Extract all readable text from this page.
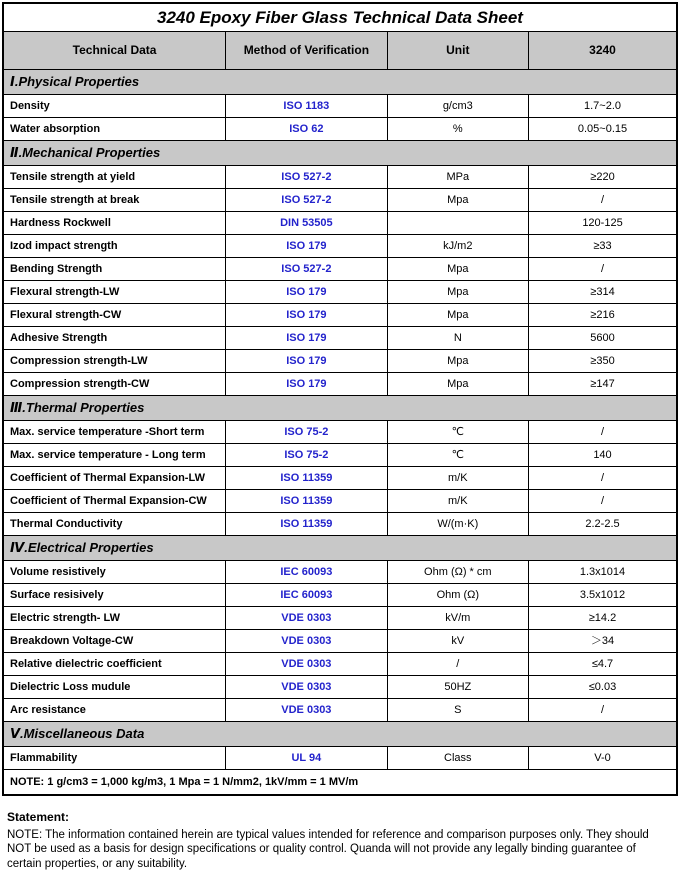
3240 Epoxy Fiber Glass Technical Data Sheet			
Technical Data	Method of Verification	Unit	3240
Ⅰ.Physical Properties			
Density	ISO 1183	g/cm3	1.7~2.0
Water absorption	ISO 62	%	0.05~0.15
Ⅱ.Mechanical Properties			
Tensile strength at yield	ISO 527-2	MPa	≥220
Tensile strength at break	ISO 527-2	Mpa	/
Hardness Rockwell	DIN 53505		120-125
Izod impact strength	ISO 179	kJ/m2	≥33
Bending Strength	ISO 527-2	Mpa	/
Flexural strength-LW	ISO 179	Mpa	≥314
Flexural strength-CW	ISO 179	Mpa	≥216
Adhesive Strength	ISO 179	N	5600
Compression strength-LW	ISO 179	Mpa	≥350
Compression strength-CW	ISO 179	Mpa	≥147
Ⅲ.Thermal Properties			
Max. service temperature -Short term	ISO 75-2	℃	/
Max. service temperature - Long term	ISO 75-2	℃	140
Coefficient of Thermal Expansion-LW	ISO 11359	m/K	/
Coefficient of Thermal Expansion-CW	ISO 11359	m/K	/
Thermal Conductivity	ISO 11359	W/(m·K)	2.2-2.5
Ⅳ.Electrical Properties			
Volume resistively	IEC 60093	Ohm (Ω) * cm	1.3x1014
Surface resisively	IEC 60093	Ohm (Ω)	3.5x1012
Electric strength- LW	VDE 0303	kV/m	≥14.2
Breakdown Voltage-CW	VDE 0303	kV	＞34
Relative dielectric coefficient	VDE 0303	/	≤4.7
Dielectric Loss mudule	VDE 0303	50HZ	≤0.03
Arc resistance	VDE 0303	S	/
Ⅴ.Miscellaneous Data			
Flammability	UL 94	Class	V-0
NOTE: 1 g/cm3 = 1,000 kg/m3, 1 Mpa = 1 N/mm2, 1kV/mm = 1 MV/m			
Statement:
NOTE: The information contained herein are typical values intended for reference and comparison purposes only. They should NOT be used as a basis for design specifications or quality control. Quanda will not provide any legally binding guarantee of certain properties, or any suitability.
